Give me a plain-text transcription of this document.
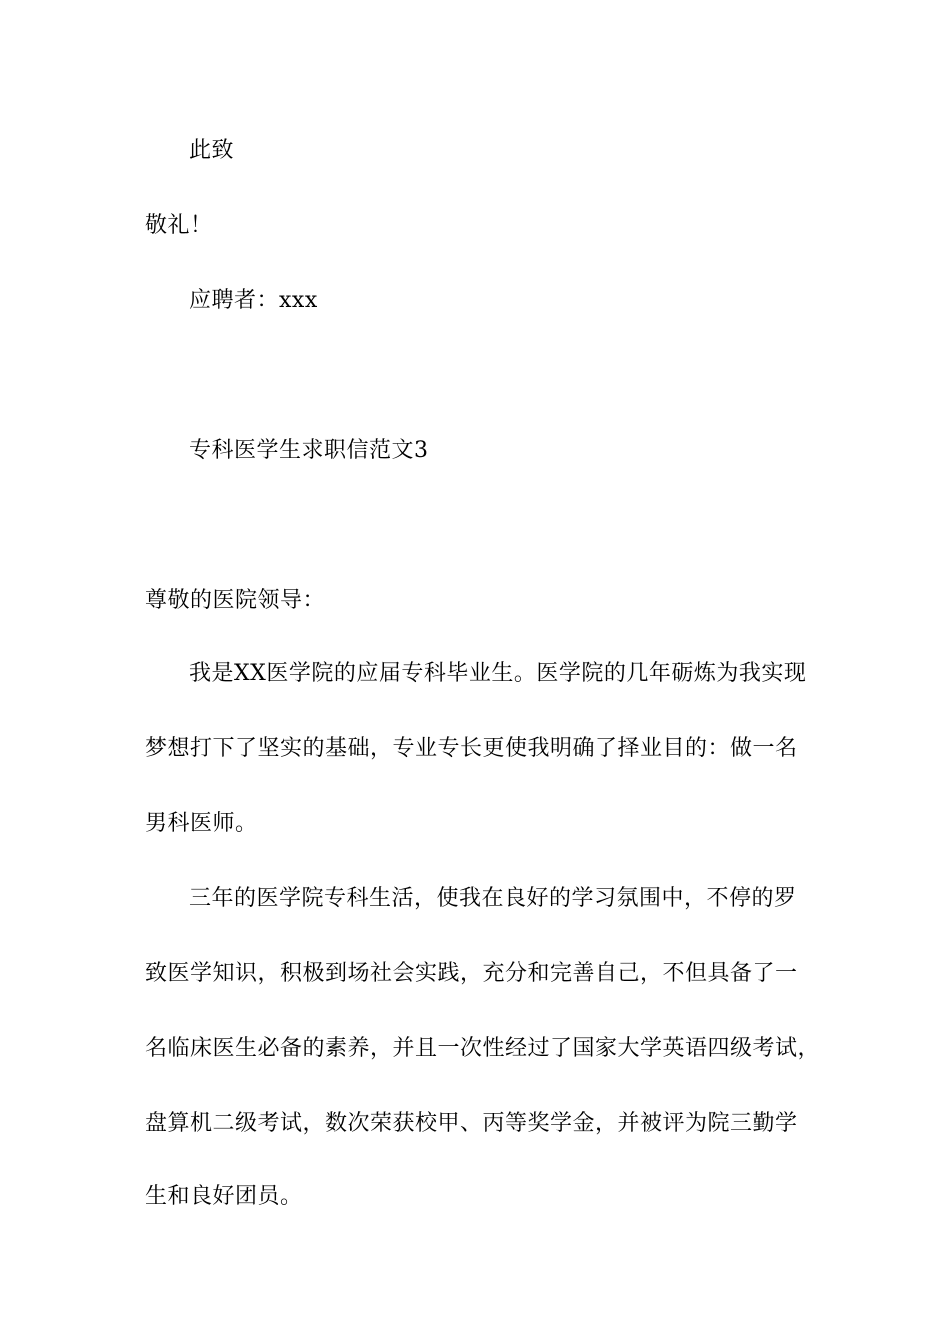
此致
敬礼！
应聘者：xxx
专科医学生求职信范文3
尊敬的医院领导：
我是XX医学院的应届专科毕业生。医学院的几年砺炼为我实现
梦想打下了坚实的基础，专业专长更使我明确了择业目的：做一名
男科医师。
三年的医学院专科生活，使我在良好的学习氛围中，不停的罗
致医学知识，积极到场社会实践，充分和完善自己，不但具备了一
名临床医生必备的素养，并且一次性经过了国家大学英语四级考试，
盘算机二级考试，数次荣获校甲、丙等奖学金，并被评为院三勤学
生和良好团员。
